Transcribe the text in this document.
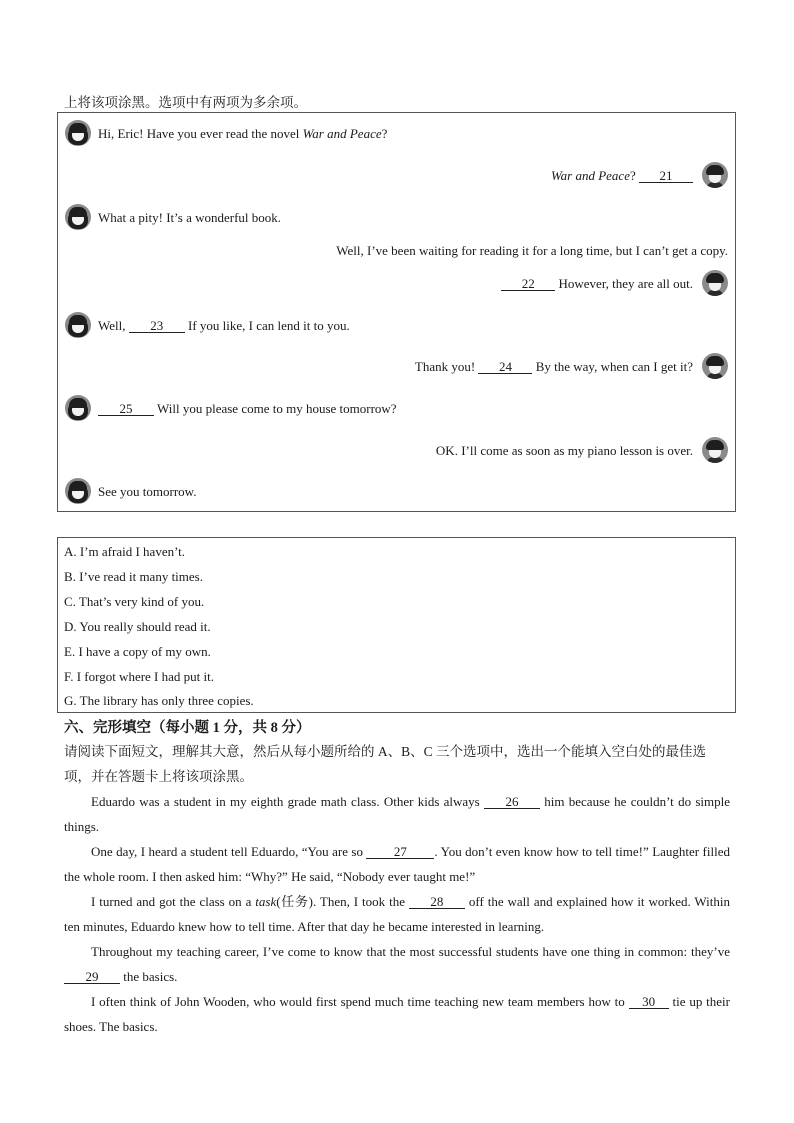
上将该项涂黑。选项中有两项为多余项。
Hi, Eric! Have you ever read the novel War and Peace?
War and Peace? 21
What a pity! It’s a wonderful book.
Well, I’ve been waiting for reading it for a long time, but I can’t get a copy.
22 However, they are all out.
Well, 23 If you like, I can lend it to you.
Thank you! 24 By the way, when can I get it?
25 Will you please come to my house tomorrow?
OK. I’ll come as soon as my piano lesson is over.
See you tomorrow.
A. I’m afraid I haven’t.
B. I’ve read it many times.
C. That’s very kind of you.
D. You really should read it.
E. I have a copy of my own.
F. I forgot where I had put it.
G. The library has only three copies.
六、完形填空（每小题 1 分，共 8 分）
请阅读下面短文，理解其大意，然后从每小题所给的 A、B、C 三个选项中，选出一个能填入空白处的最佳选项，并在答题卡上将该项涂黑。
Eduardo was a student in my eighth grade math class. Other kids always 26 him because he couldn’t do simple things.
One day, I heard a student tell Eduardo, “You are so 27 . You don’t even know how to tell time!” Laughter filled the whole room. I then asked him: “Why?” He said, “Nobody ever taught me!”
I turned and got the class on a task(任务). Then, I took the 28 off the wall and explained how it worked. Within ten minutes, Eduardo knew how to tell time. After that day he became interested in learning.
Throughout my teaching career, I’ve come to know that the most successful students have one thing in common: they’ve 29 the basics.
I often think of John Wooden, who would first spend much time teaching new team members how to 30 tie up their shoes. The basics.
